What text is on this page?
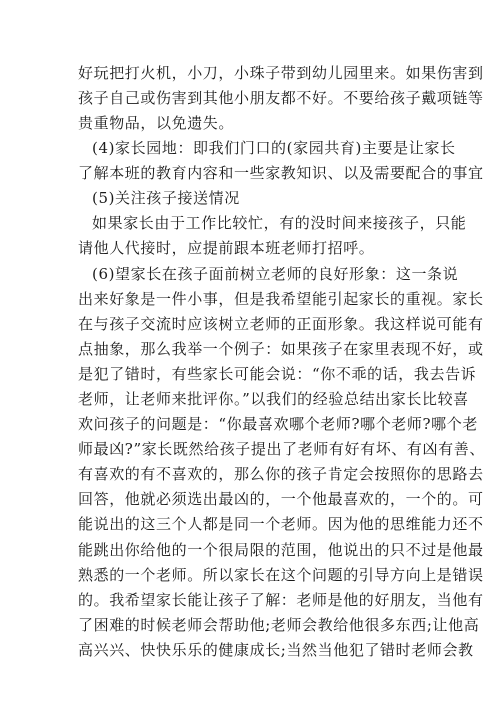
好玩把打火机，小刀，小珠子带到幼儿园里来。如果伤害到
孩子自己或伤害到其他小朋友都不好。不要给孩子戴项链等
贵重物品，以免遗失。
(4)家长园地：即我们门口的(家园共育)主要是让家长
了解本班的教育内容和一些家教知识、以及需要配合的事宜
(5)关注孩子接送情况
如果家长由于工作比较忙，有的没时间来接孩子，只能
请他人代接时，应提前跟本班老师打招呼。
(6)望家长在孩子面前树立老师的良好形象：这一条说
出来好象是一件小事，但是我希望能引起家长的重视。家长
在与孩子交流时应该树立老师的正面形象。我这样说可能有
点抽象，那么我举一个例子：如果孩子在家里表现不好，或
是犯了错时，有些家长可能会说：“你不乖的话，我去告诉
老师，让老师来批评你。”以我们的经验总结出家长比较喜
欢问孩子的问题是：“你最喜欢哪个老师?哪个老师?哪个老
师最凶?”家长既然给孩子提出了老师有好有坏、有凶有善、
有喜欢的有不喜欢的，那么你的孩子肯定会按照你的思路去
回答，他就必须选出最凶的，一个他最喜欢的，一个的。可
能说出的这三个人都是同一个老师。因为他的思维能力还不
能跳出你给他的一个很局限的范围，他说出的只不过是他最
熟悉的一个老师。所以家长在这个问题的引导方向上是错误
的。我希望家长能让孩子了解：老师是他的好朋友，当他有
了困难的时候老师会帮助他;老师会教给他很多东西;让他高
高兴兴、快快乐乐的健康成长;当然当他犯了错时老师会教
